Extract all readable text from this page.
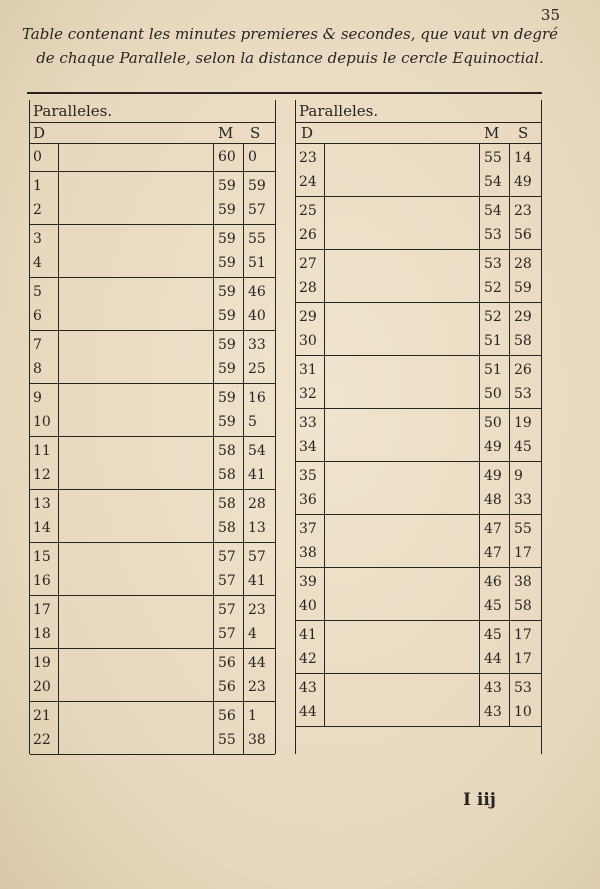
35
Table contenant les minutes premieres & secondes, que vaut vn degré
de chaque Parallele, selon la distance depuis le cercle Equinoctial.
Paralleles.
D	M S
0	60 0
1	59 59
2	59 57
3	59 55
4	59 51
5	59 46
6	59 40
7	59 33
8	59 25
9	59 16
10	59 5
11	58 54
12	58 41
13	58 28
14	58 13
15	57 57
16	57 41
17	57 23
18	57 4
19	56 44
20	56 23
21	56 1
22	55 38
Paralleles.
D	M S
23	55 14
24	54 49
25	54 23
26	53 56
27	53 28
28	52 59
29	52 29
30	51 58
31	51 26
32	50 53
33	50 19
34	49 45
35	49 9
36	48 33
37	47 55
38	47 17
39	46 38
40	45 58
41	45 17
42	44 17
43	43 53
44	43 10
I iij
